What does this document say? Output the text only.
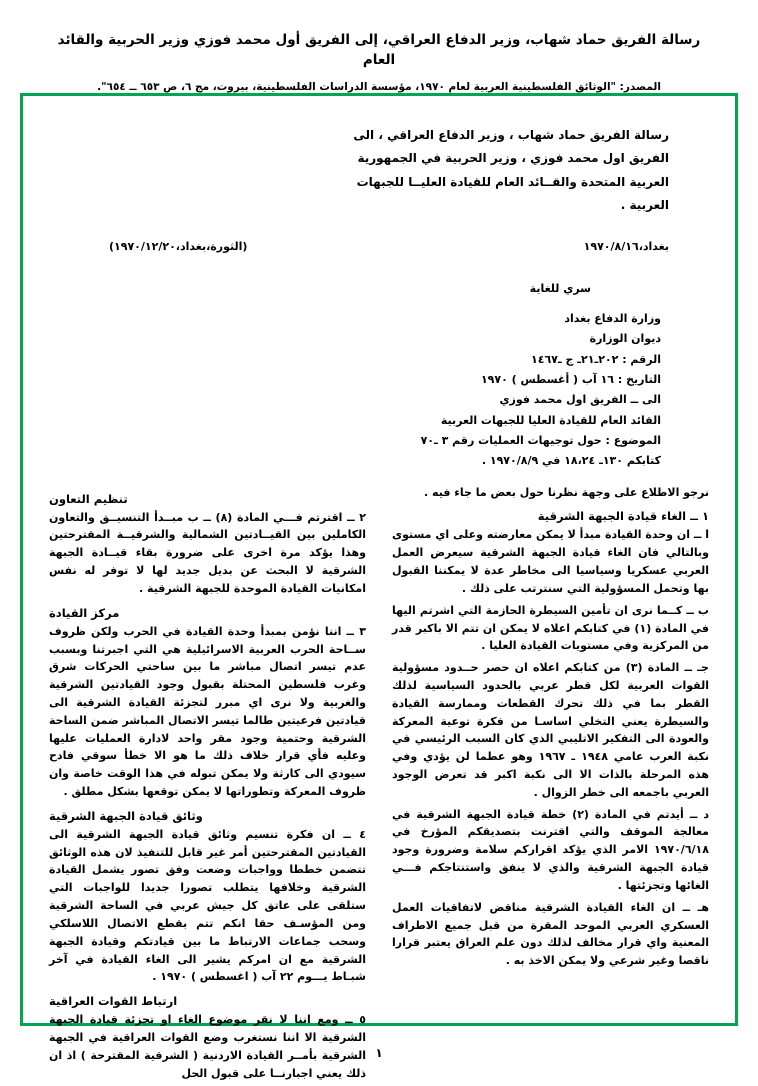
رسالة الفريق حماد شهاب، وزير الدفاع العراقي، إلى الفريق أول محمد فوزي وزير الحربية والقائد العام
المصدر: "الوثائق الفلسطينية العربية لعام ١٩٧٠، مؤسسة الدراسات الفلسطينية، بيروت، مج ٦، ص ٦٥٣ ــ ٦٥٤".
رسالة الفريق حماد شهاب ، وزير الدفاع العراقي ، الى
الفريق اول محمد فوزي ، وزير الحربية في الجمهورية
العربية المتحدة والقــائد العام للقيادة العليــا للجبهات
العربية .
بغداد،١٩٧٠/٨/١٦
(الثورة،بغداد،١٩٧٠/١٢/٢٠)
سري للغاية
وزارة الدفاع بغداد
ديوان الوزارة
الرقم : ٢٠٢ـ٢١ـ ج ـ١٤٦٧
التاريخ : ١٦ آب ( أغسطس ) ١٩٧٠
الى ــ الفريق اول محمد فوزي
القائد العام للقيادة العليا للجبهات العربية
الموضوع : حول توجيهات العمليات رقم ٣ ـ٧٠
كتابكم ١٣٠ـ ١٨،٢٤ في ١٩٧٠/٨/٩ .

نرجو الاطلاع على وجهة نظرنا حول بعض ما جاء فيه .

١ ــ الغاء قيادة الجبهة الشرقية

ا ــ ان وحدة القيادة مبدأ لا يمكن معارضته وعلى اي مستوى وبالتالي فان الغاء قيادة الجبهة الشرقية سيعرض العمل العربي عسكريا وسياسيا الى مخاطر عدة لا يمكننا القبول بها وتحمل المسؤولية التي سنترتب على ذلك .

ب ــ كــما نرى ان تأمين السيطرة الحازمة التي اشرتم اليها في المادة (١) في كتابكم اعلاه لا يمكن ان تتم الا باكبر قدر من المركزية وفي مستويات القيادة العليا .

جـ ــ المادة (٣) من كتابكم اعلاه ان حصر حــدود مسؤولية القوات العربية لكل قطر عربي بالحدود السياسية لذلك القطر بما في ذلك تحرك القطعات وممارسة القيادة والسيطرة يعني التخلي اساسـا من فكرة توعية المعركة والعودة الى التفكير الاتليبي الذي كان السبب الرئيسي في نكبة العرب عامي ١٩٤٨ ـ ١٩٦٧ وهو عطما لن يؤدي وفي هذه المرحلة بالذات الا الى نكبة اكبر قد تعرض الوجود العربي باجمعه الى خطر الزوال .

د ــ أيدتم في المادة (٢) خطة قيادة الجبهة الشرقية في معالجة الموقف والتي اقترنت بتصديقكم المؤرخ في ١٩٧٠/٦/١٨ الامر الذي يؤكد اقراركم سلامة وضرورة وجود قيادة الجبهة الشرقية والذي لا ينفق واستنتاجكم فـــي الغائها وتجزئتها .

هـ ــ ان الغاء القيادة الشرقية مناقض لاتفاقيات العمل العسكري العربي الموحد المقرة من قبل جميع الاطراف المعنية واي قرار مخالف لذلك دون علم العراق يعتبر قرارا ناقصا وغير شرعي ولا يمكن الاخذ به .

تنظيم التعاون

٢ ــ اقترتم فـــي المادة (٨) ــ ب مبــدأ التنسيــق والتعاون الكاملين بين القيــادتين الشمالية والشرقيــة المقترحتين وهذا يؤكد مرة اخرى على ضرورة بقاء قيــادة الجبهة الشرقية لا البحث عن بديل جديد لها لا توفر له نفس امكانيات القيادة الموحدة للجبهة الشرقية .

مركز القيادة

٣ ــ اننا نؤمن بمبدأ وحدة القيادة في الحرب ولكن ظروف ســاحة الحرب العربية الاسرائيلية هي التي اجبرتنا وبسبب عدم تيسر اتصال مباشر ما بين ساحتي الحركات شرق وغرب فلسطين المحتلة بقبول وجود القيادتين الشرقية والغربية ولا نرى اي مبرر لتجزئة القيادة الشرقية الى قيادتين فرعيتين طالما تيسر الاتصال المباشر ضمن الساحة الشرقية وحتمية وجود مقر واحد لادارة العمليات عليها وعليه فأي قرار خلاف ذلك ما هو الا خطأ سوقي فادح سيودي الى كارثة ولا يمكن تبوله في هذا الوقت خاصة وان ظروف المعركة وتطوراتها لا يمكن توقعها بشكل مطلق .

وثائق قيادة الجبهة الشرقية

٤ ــ ان فكرة تنسيم وثائق قيادة الجبهة الشرقية الى القيادتين المقترحتين أمر غير قابل للتنفيذ لان هذه الوثائق تتضمن خططا وواجبات وضعت وفق تصور يشمل القيادة الشرقية وخلافها يتطلب تصورا جديدا للواجبات التي ستلقى على عاتق كل جيش عربي في الساحة الشرقية ومن المؤسـف حقا انكم تتم بقطع الاتصال اللاسلكي وسحب جماعات الارتباط ما بين قيادتكم وقيادة الجبهة الشرقية مع ان امركم يشير الى الغاء القيادة في آخر شبـاط يـــوم ٢٢ آب ( اغسطس ) ١٩٧٠ .

ارتباط القوات العراقية

٥ ــ ومع اننا لا نقر موضوع الغاء او تجزئة قيادة الجبهة الشرقية الا اننا نستغرب وضع القوات العراقية في الجبهة الشرقية بأمــر القيادة الاردنية ( الشرقية المقترحة ) اذ ان ذلك يعني اجبارنــا على قبول الحل

١
